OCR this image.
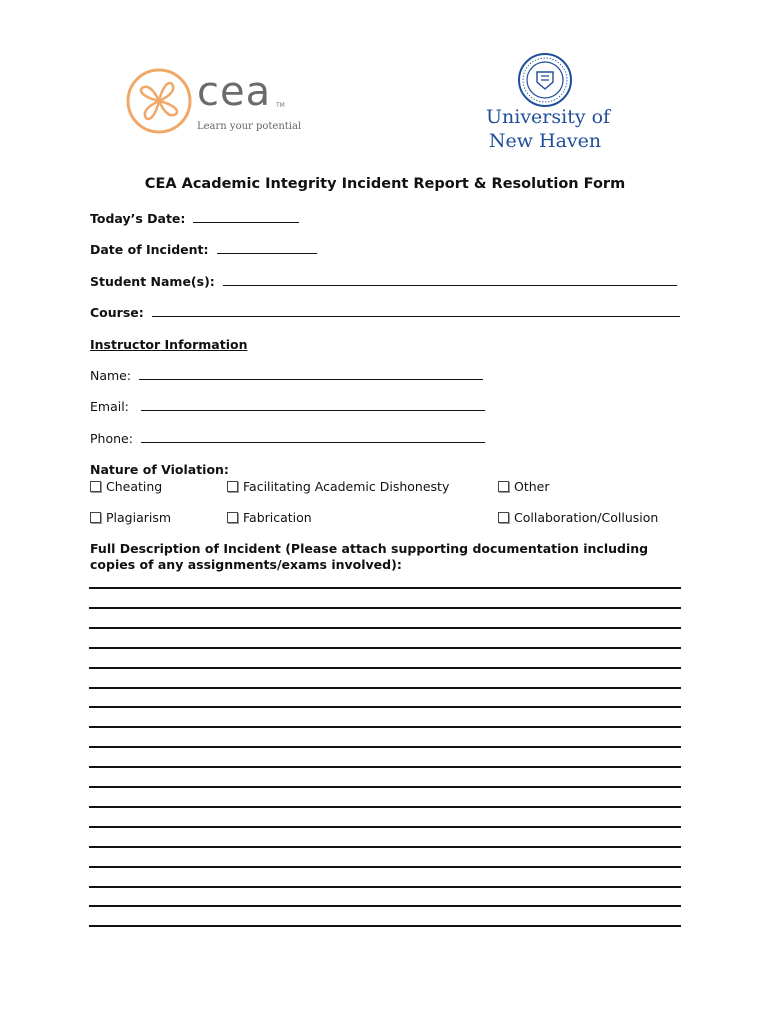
cea TM
Learn your potential	University of
New Haven
CEA Academic Integrity Incident Report & Resolution Form
Today’s Date:
Date of Incident:
Student Name(s):
Course:
Instructor Information
Name:
Email:
Phone:
Nature of Violation:
Cheating	Facilitating Academic Dishonesty	Other
Plagiarism	Fabrication	Collaboration/Collusion
Full Description of Incident (Please attach supporting documentation including copies of any assignments/exams involved):
